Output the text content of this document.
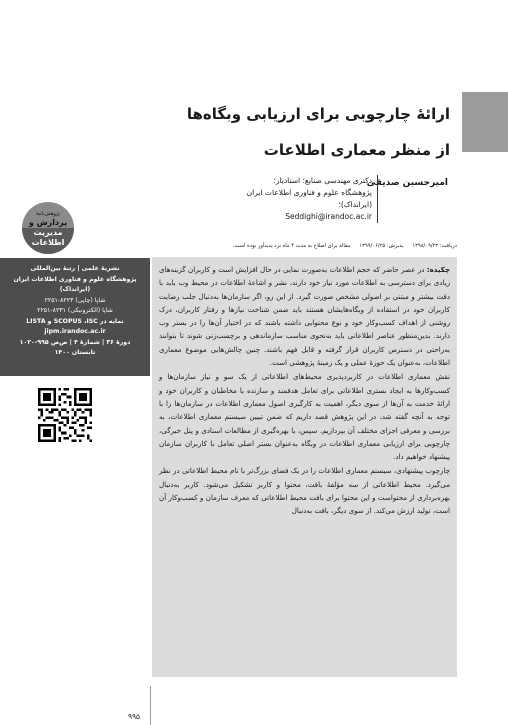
ارائۀ چارچوبی برای ارزیابی وبگاه‌ها
از منظر معماری اطلاعات
امیرحسین صدیقی
دکتری مهندسی صنایع؛ استادیار؛
پژوهشگاه علوم و فناوری اطلاعات ایران (ایرانداک)؛
Seddighi@irandoc.ac.ir
پژوهش‌نامۀ
پردازش و
مدیریت
اطلاعات	دریافت: ۱۳۹۸/۰۹/۲۲
پذیرش: ۱۳۹۹/۰۶/۲۵
مقاله برای اصلاح به مدت ۴ ماه نزد پدیدآور بوده است.
نشریۀ علمی | رتبۀ بین‌المللی
پژوهشگاه علوم و فناوری اطلاعات ایران
(ایرانداک)
شاپا (چاپی) ۸۲۲۳-۲۲۵۱
شاپا (الکترونیکی) ۸۲۳۱-۲۲۵۱
نمایه در SCOPUS ،ISC و LISTA
jipm.irandoc.ac.ir
دورۀ ۳۶ | شمارۀ ۴ | ص‌ص ۹۹۵-۱۰۲۰
تابستان ۱۴۰۰

چکیده: در عصر حاضر که حجم اطلاعات به‌صورت نمایی در حال افزایش است و کاربران گزینه‌های زیادی برای دسترسی به اطلاعات مورد نیاز خود دارند، نشر و اشاعۀ اطلاعات در محیط وب باید با دقت بیشتر و مبتنی بر اصولی مشخص صورت گیرد. از این رو، اگر سازمان‌ها به‌دنبال جلب رضایت کاربران خود در استفاده از وبگاه‌هایشان هستند باید ضمن شناخت نیازها و رفتار کاربران، درک روشنی از اهداف کسب‌وکار خود و نوع محتوایی داشته باشند که در اختیار آن‌ها را در بستر وب دارند. بدین‌منظور عناصر اطلاعاتی باید به‌نحوی مناسب سازماندهی و برچسب‌زنی شوند تا بتوانند به‌راحتی در دسترس کاربران قرار گرفته و قابل فهم باشند. چنین چالش‌هایی موضوع معماری اطلاعات، به‌عنوان یک حوزۀ عملی و یک زمینۀ پژوهشی است.

نقش معماری اطلاعات در کاربردپذیری محیط‌های اطلاعاتی از یک سو و نیاز سازمان‌ها و کسب‌وکارها به ایجاد بستری اطلاعاتی برای تعامل هدفمند و سازنده با مخاطبان و کاربران خود و ارائۀ خدمت به آن‌ها از سوی دیگر، اهمیت به کارگیری اصول معماری اطلاعات در سازمان‌ها را با توجه به آنچه گفته شد، در این پژوهش قصد داریم که ضمن تبیین سیستم معماری اطلاعات، به بررسی و معرفی اجزای مختلف آن بپردازیم. سپس، با بهره‌گیری از مطالعات اسنادی و پنل خبرگی، چارچوبی برای ارزیابی معماری اطلاعات در وبگاه به‌عنوان بستر اصلی تعامل با کاربران سازمان پیشنهاد خواهیم داد.

چارچوب پیشنهادی، سیستم معماری اطلاعات را در یک فضای بزرگ‌تر با نام محیط اطلاعاتی در نظر می‌گیرد. محیط اطلاعاتی از سه مؤلفۀ بافت، محتوا و کاربر تشکیل می‌شود. کاربر به‌دنبال بهره‌برداری از محتواست و این محتوا برای بافت محیط اطلاعاتی که معرف سازمان و کسب‌وکار آن است، تولید ارزش می‌کند. از سوی دیگر، بافت به‌دنبال

۹۹۵
